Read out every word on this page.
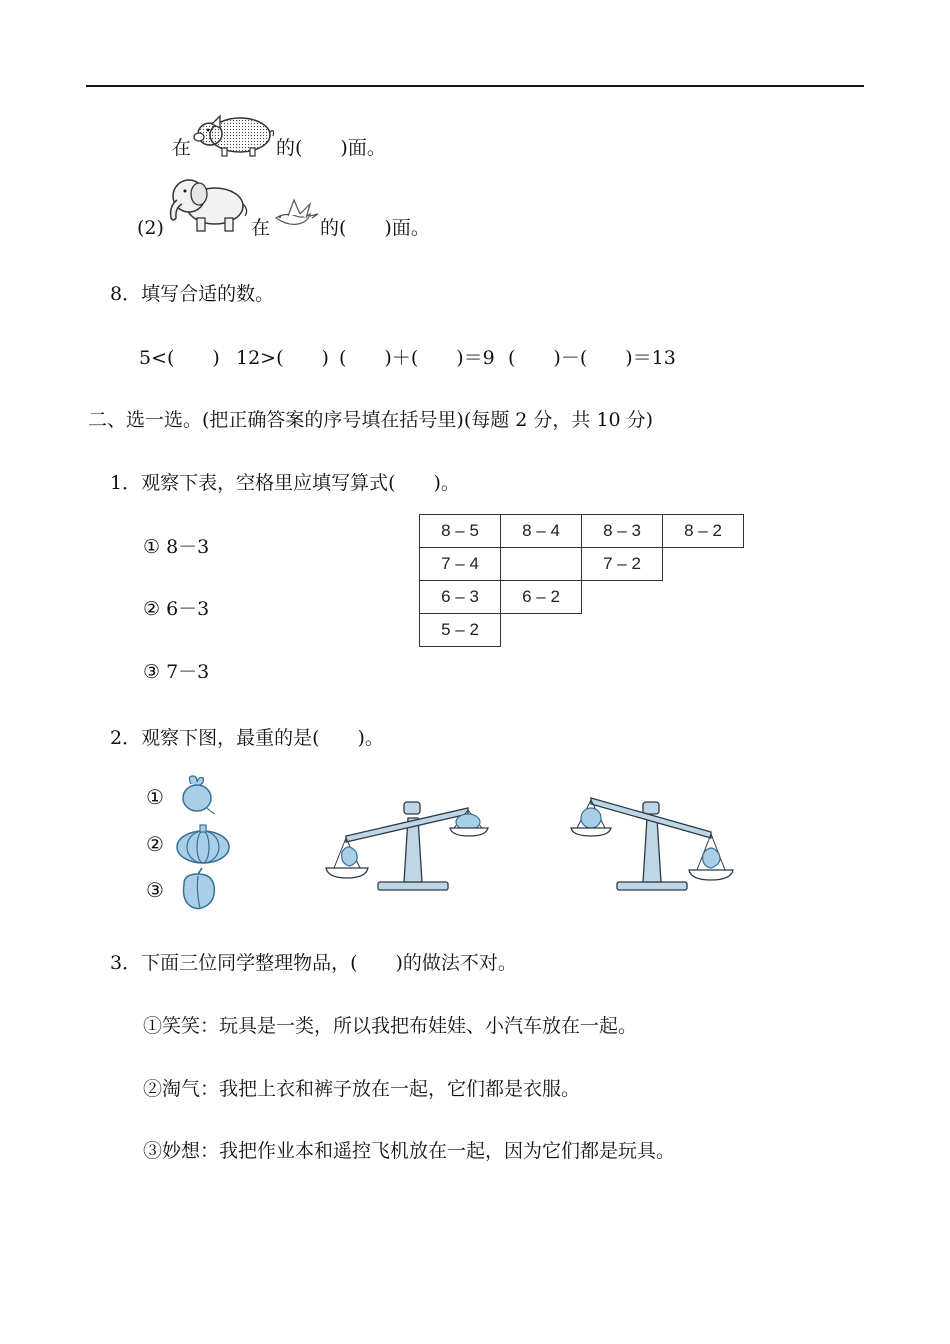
在	的(　　)面。
(2)	在	的(　　)面。
8．填写合适的数。
5<(　　) 12>(　　) (　　)＋(　　)＝9 (　　)－(　　)＝13
二、选一选。(把正确答案的序号填在括号里)(每题 2 分，共 10 分)
1．观察下表，空格里应填写算式(　　)。
① 8－3
② 6－3
③ 7－3
8 – 5	8 – 4	8 – 3	8 – 2
7 – 4		7 – 2	
6 – 3	6 – 2		
5 – 2			
2．观察下图，最重的是(　　)。
①
②
③
3．下面三位同学整理物品，(　　)的做法不对。
①笑笑：玩具是一类，所以我把布娃娃、小汽车放在一起。
②淘气：我把上衣和裤子放在一起，它们都是衣服。
③妙想：我把作业本和遥控飞机放在一起，因为它们都是玩具。
